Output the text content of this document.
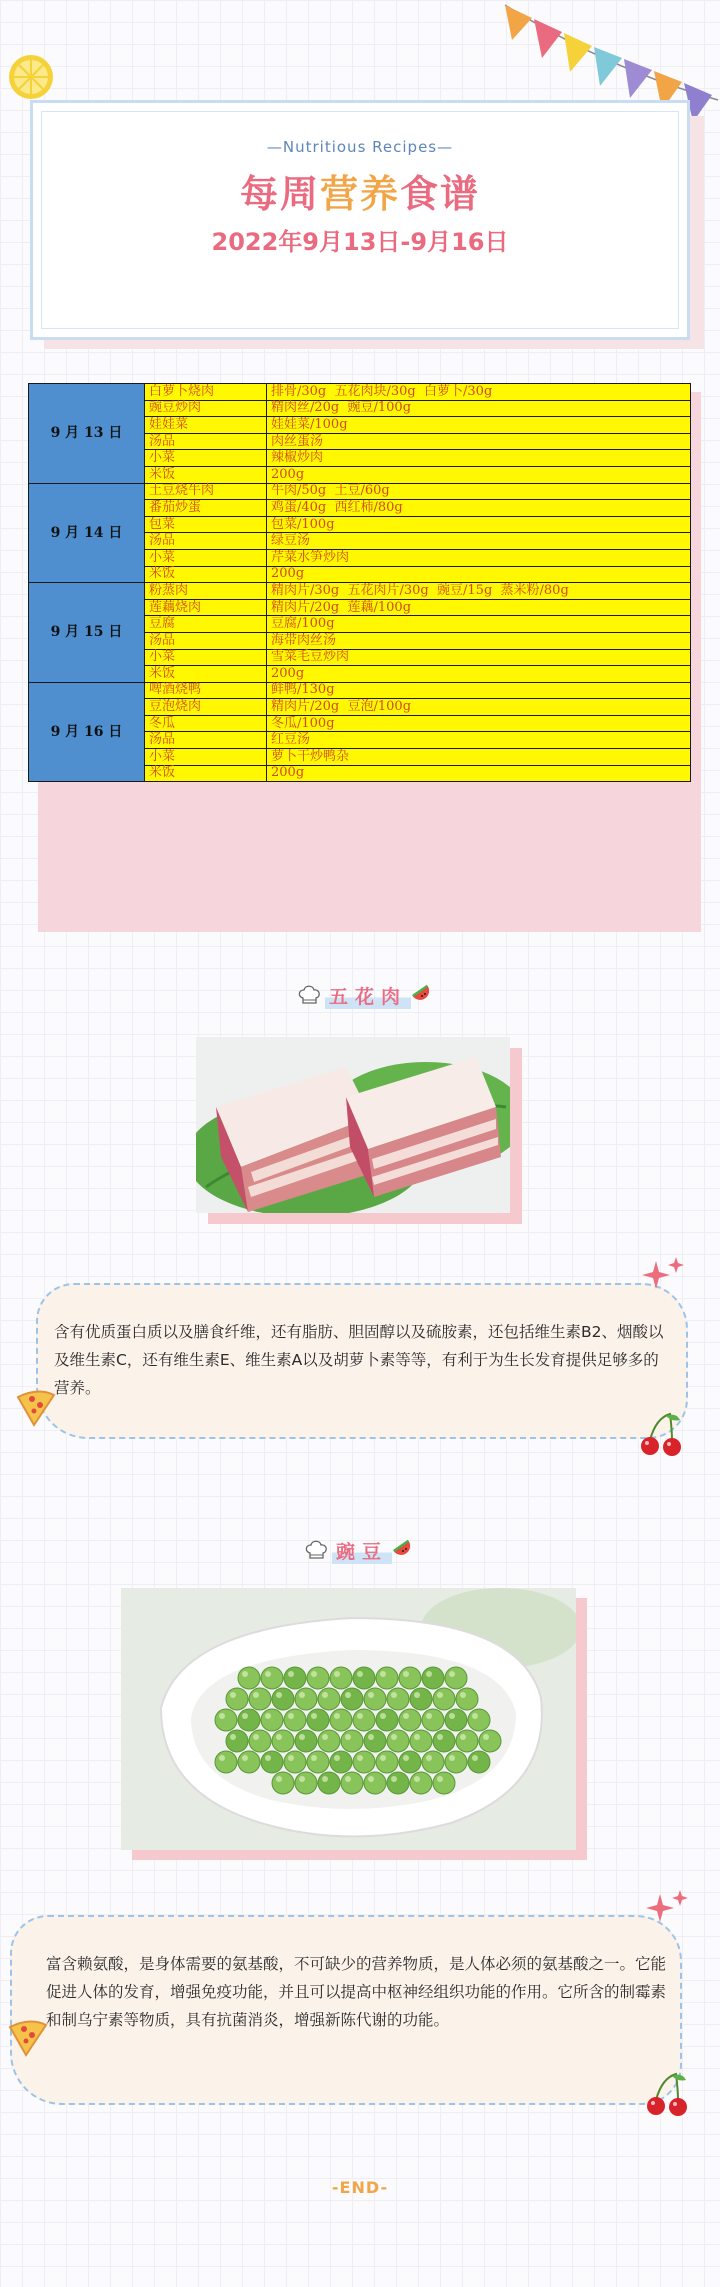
—Nutritious Recipes—
每周营养食谱
2022年9月13日-9月16日
9 月 13 日	白萝卜烧肉	排骨/30g  五花肉块/30g  白萝卜/30g
	豌豆炒肉	精肉丝/20g  豌豆/100g
	娃娃菜	娃娃菜/100g
	汤品	肉丝蛋汤
	小菜	辣椒炒肉
	米饭	200g
9 月 14 日	土豆烧牛肉	牛肉/50g  土豆/60g
	番茄炒蛋	鸡蛋/40g  西红柿/80g
	包菜	包菜/100g
	汤品	绿豆汤
	小菜	芹菜水笋炒肉
	米饭	200g
9 月 15 日	粉蒸肉	精肉片/30g  五花肉片/30g  豌豆/15g  蒸米粉/80g
	莲藕烧肉	精肉片/20g  莲藕/100g
	豆腐	豆腐/100g
	汤品	海带肉丝汤
	小菜	雪菜毛豆炒肉
	米饭	200g
9 月 16 日	啤酒烧鸭	鲜鸭/130g
	豆泡烧肉	精肉片/20g  豆泡/100g
	冬瓜	冬瓜/100g
	汤品	红豆汤
	小菜	萝卜干炒鸭杂
	米饭	200g
五花肉
含有优质蛋白质以及膳食纤维，还有脂肪、胆固醇以及硫胺素，还包括维生素B2、烟酸以及维生素C，还有维生素E、维生素A以及胡萝卜素等等，有利于为生长发育提供足够多的营养。
豌豆
富含赖氨酸，是身体需要的氨基酸，不可缺少的营养物质，是人体必须的氨基酸之一。它能促进人体的发育，增强免疫功能，并且可以提高中枢神经组织功能的作用。它所含的制霉素和制乌宁素等物质，具有抗菌消炎，增强新陈代谢的功能。
-END-
